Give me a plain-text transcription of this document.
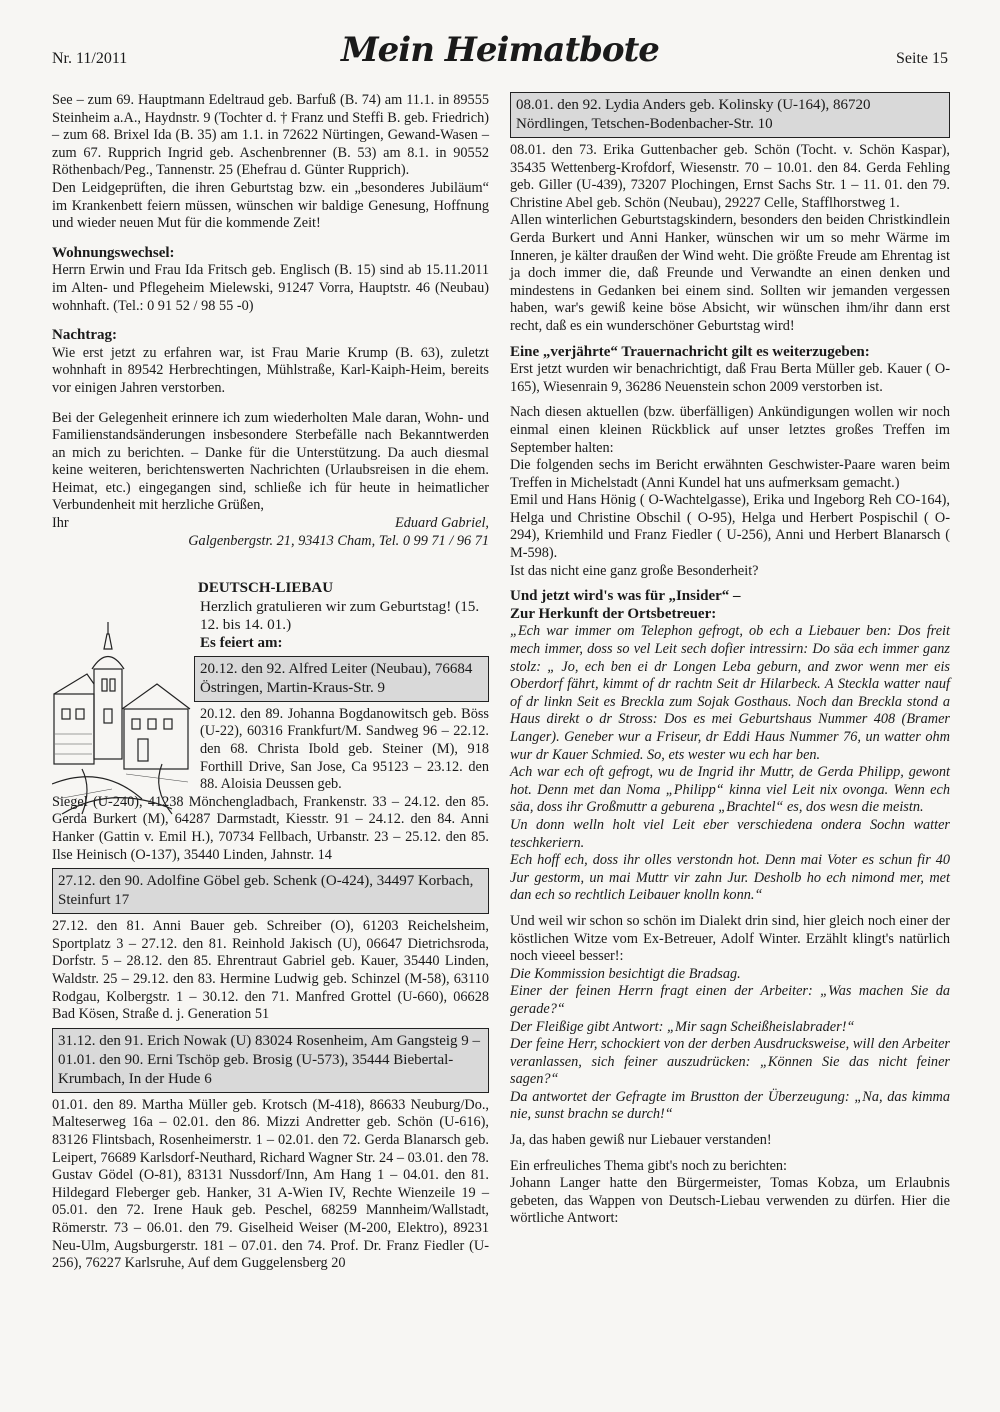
Nr. 11/2011	Mein Heimatbote	Seite 15

See – zum 69. Hauptmann Edeltraud geb. Barfuß (B. 74) am 11.1. in 89555 Steinheim a.A., Haydnstr. 9 (Tochter d. † Franz und Steffi B. geb. Friedrich) – zum 68. Brixel Ida (B. 35) am 1.1. in 72622 Nürtingen, Gewand-Wasen – zum 67. Rupprich Ingrid geb. Aschenbrenner (B. 53) am 8.1. in 90552 Röthenbach/Peg., Tannenstr. 25 (Ehefrau d. Günter Rupprich).

Den Leidgeprüften, die ihren Geburtstag bzw. ein „besonderes Jubiläum“ im Krankenbett feiern müssen, wünschen wir baldige Genesung, Hoffnung und wieder neuen Mut für die kommende Zeit!

Wohnungswechsel:

Herrn Erwin und Frau Ida Fritsch geb. Englisch (B. 15) sind ab 15.11.2011 im Alten- und Pflegeheim Mielewski, 91247 Vorra, Hauptstr. 46 (Neubau) wohnhaft. (Tel.: 0 91 52 / 98 55 -0)

Nachtrag:

Wie erst jetzt zu erfahren war, ist Frau Marie Krump (B. 63), zuletzt wohnhaft in 89542 Herbrechtingen, Mühlstraße, Karl-Kaiph-Heim, bereits vor einigen Jahren verstorben.

Bei der Gelegenheit erinnere ich zum wiederholten Male daran, Wohn- und Familienstandsänderungen insbesondere Sterbefälle nach Bekanntwerden an mich zu berichten. – Danke für die Unterstützung. Da auch diesmal keine weiteren, berichtenswerten Nachrichten (Urlaubsreisen in die ehem. Heimat, etc.) eingegangen sind, schließe ich für heute in heimatlicher Verbundenheit mit herzliche Grüßen,

Ihr	Eduard Gabriel,
Galgenbergstr. 21, 93413 Cham, Tel. 0 99 71 / 96 71
DEUTSCH-LIEBAU
Herzlich gratulieren wir zum Geburtstag! (15. 12. bis 14. 01.)
Es feiert am:
20.12. den 92. Alfred Leiter (Neubau), 76684 Östringen, Martin-Kraus-Str. 9

20.12. den 89. Johanna Bogdanowitsch geb. Böss (U-22), 60316 Frankfurt/M. Sandweg 96 – 22.12. den 68. Christa Ibold geb. Steiner (M), 918 Forthill Drive, San Jose, Ca 95123 – 23.12. den 88. Aloisia Deussen geb.

Siegel (U-240), 41238 Mönchengladbach, Frankenstr. 33 – 24.12. den 85. Gerda Burkert (M), 64287 Darmstadt, Kiesstr. 91 – 24.12. den 84. Anni Hanker (Gattin v. Emil H.), 70734 Fellbach, Urbanstr. 23 – 25.12. den 85. Ilse Heinisch (O-137), 35440 Linden, Jahnstr. 14

27.12. den 90. Adolfine Göbel geb. Schenk (O-424), 34497 Korbach, Steinfurt 17

27.12. den 81. Anni Bauer geb. Schreiber (O), 61203 Reichelsheim, Sportplatz 3 – 27.12. den 81. Reinhold Jakisch (U), 06647 Dietrichsroda, Dorfstr. 5 – 28.12. den 85. Ehrentraut Gabriel geb. Kauer, 35440 Linden, Waldstr. 25 – 29.12. den 83. Hermine Ludwig geb. Schinzel (M-58), 63110 Rodgau, Kolbergstr. 1 – 30.12. den 71. Manfred Grottel (U-660), 06628 Bad Kösen, Straße d. j. Generation 51

31.12. den 91. Erich Nowak (U) 83024 Rosenheim, Am Gangsteig 9 – 01.01. den 90. Erni Tschöp geb. Brosig (U-573), 35444 Biebertal-Krumbach, In der Hude 6

01.01. den 89. Martha Müller geb. Krotsch (M-418), 86633 Neuburg/Do., Malteserweg 16a – 02.01. den 86. Mizzi Andretter geb. Schön (U-616), 83126 Flintsbach, Rosenheimerstr. 1 – 02.01. den 72. Gerda Blanarsch geb. Leipert, 76689 Karlsdorf-Neuthard, Richard Wagner Str. 24 – 03.01. den 78. Gustav Gödel (O-81), 83131 Nussdorf/Inn, Am Hang 1 – 04.01. den 81. Hildegard Fleberger geb. Hanker, 31 A-Wien IV, Rechte Wienzeile 19 – 05.01. den 72. Irene Hauk geb. Peschel, 68259 Mannheim/Wallstadt, Römerstr. 73 – 06.01. den 79. Giselheid Weiser (M-200, Elektro), 89231 Neu-Ulm, Augsburgerstr. 181 – 07.01. den 74. Prof. Dr. Franz Fiedler (U-256), 76227 Karlsruhe, Auf dem Guggelensberg 20

08.01. den 92. Lydia Anders geb. Kolinsky (U-164), 86720 Nördlingen, Tetschen-Bodenbacher-Str. 10

08.01. den 73. Erika Guttenbacher geb. Schön (Tocht. v. Schön Kaspar), 35435 Wettenberg-Krofdorf, Wiesenstr. 70 – 10.01. den 84. Gerda Fehling geb. Giller (U-439), 73207 Plochingen, Ernst Sachs Str. 1 – 11. 01. den 79. Christine Abel geb. Schön (Neubau), 29227 Celle, Stafflhorstweg 1.

Allen winterlichen Geburtstagskindern, besonders den beiden Christkindlein Gerda Burkert und Anni Hanker, wünschen wir um so mehr Wärme im Inneren, je kälter draußen der Wind weht. Die größte Freude am Ehrentag ist ja doch immer die, daß Freunde und Verwandte an einen denken und mindestens in Gedanken bei einem sind. Sollten wir jemanden vergessen haben, war's gewiß keine böse Absicht, wir wünschen ihm/ihr dann erst recht, daß es ein wunderschöner Geburtstag wird!

Eine „verjährte“ Trauernachricht gilt es weiterzugeben:

Erst jetzt wurden wir benachrichtigt, daß Frau Berta Müller geb. Kauer ( O-165), Wiesenrain 9, 36286 Neuenstein schon 2009 verstorben ist.

Nach diesen aktuellen (bzw. überfälligen) Ankündigungen wollen wir noch einmal einen kleinen Rückblick auf unser letztes großes Treffen im September halten:

Die folgenden sechs im Bericht erwähnten Geschwister-Paare waren beim Treffen in Michelstadt (Anni Kundel hat uns aufmerksam gemacht.)

Emil und Hans Hönig ( O-Wachtelgasse), Erika und Ingeborg Reh CO-164), Helga und Christine Obschil ( O-95), Helga und Herbert Pospischil ( O-294), Kriemhild und Franz Fiedler ( U-256), Anni und Herbert Blanarsch ( M-598).

Ist das nicht eine ganz große Besonderheit?

Und jetzt wird's was für „Insider“ –
Zur Herkunft der Ortsbetreuer:

„Ech war immer om Telephon gefrogt, ob ech a Liebauer ben: Dos freit mech immer, doss so vel Leit sech dofier intressirn: Do säa ech immer ganz stolz: „ Jo, ech ben ei dr Longen Leba geburn, and zwor wenn mer eis Oberdorf fährt, kimmt of dr rachtn Seit dr Hilarbeck. A Steckla watter nauf of dr linkn Seit es Breckla zum Sojak Gosthaus. Noch dan Breckla stond a Haus direkt o dr Stross: Dos es mei Geburtshaus Nummer 408 (Bramer Langer). Geneber wur a Friseur, dr Eddi Haus Nummer 76, un watter ohm wur dr Kauer Schmied. So, ets wester wu ech har ben.

Ach war ech oft gefrogt, wu de Ingrid ihr Muttr, de Gerda Philipp, gewont hot. Denn met dan Noma „Philipp“ kinna viel Leit nix ovonga. Wenn ech säa, doss ihr Großmuttr a geburena „Brachtel“ es, dos wesn die meistn.

Un donn welln holt viel Leit eber verschiedena ondera Sochn watter teschkeriern.

Ech hoff ech, doss ihr olles verstondn hot. Denn mai Voter es schun fir 40 Jur gestorm, un mai Muttr vir zahn Jur. Desholb ho ech nimond mer, met dan ech so rechtlich Leibauer knolln konn.“

Und weil wir schon so schön im Dialekt drin sind, hier gleich noch einer der köstlichen Witze vom Ex-Betreuer, Adolf Winter. Erzählt klingt's natürlich noch vieeel besser!:

Die Kommission besichtigt die Bradsag.

Einer der feinen Herrn fragt einen der Arbeiter: „Was machen Sie da gerade?“

Der Fleißige gibt Antwort: „Mir sagn Scheißheislabrader!“

Der feine Herr, schockiert von der derben Ausdrucksweise, will den Arbeiter veranlassen, sich feiner auszudrücken: „Können Sie das nicht feiner sagen?“

Da antwortet der Gefragte im Brustton der Überzeugung: „Na, das kimma nie, sunst brachn se durch!“

Ja, das haben gewiß nur Liebauer verstanden!

Ein erfreuliches Thema gibt's noch zu berichten:

Johann Langer hatte den Bürgermeister, Tomas Kobza, um Erlaubnis gebeten, das Wappen von Deutsch-Liebau verwenden zu dürfen. Hier die wörtliche Antwort:
